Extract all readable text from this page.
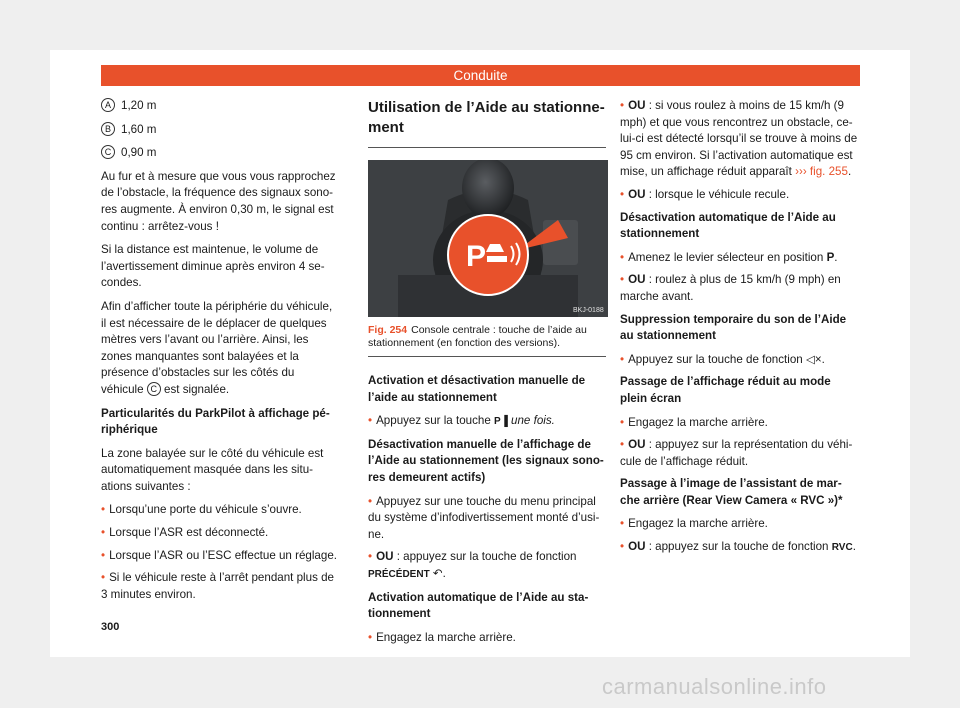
Conduite
A 1,20 m
B 1,60 m
C 0,90 m

Au fur et à mesure que vous vous rapprochez de l’obstacle, la fréquence des signaux sono-res augmente. À environ 0,30 m, le signal est continu : arrêtez-vous !

Si la distance est maintenue, le volume de l’avertissement diminue après environ 4 se-condes.

Afin d’afficher toute la périphérie du véhicule, il est nécessaire de le déplacer de quelques mètres vers l’avant ou l’arrière. Ainsi, les zones manquantes sont balayées et la présence d’obstacles sur les côtés du véhicule C est signalée.

Particularités du ParkPilot à affichage pé-riphérique

La zone balayée sur le côté du véhicule est automatiquement masquée dans les situ-ations suivantes :

• Lorsqu’une porte du véhicule s’ouvre.

• Lorsque l’ASR est déconnecté.

• Lorsque l’ASR ou l’ESC effectue un réglage.

• Si le véhicule reste à l’arrêt pendant plus de 3 minutes environ.

Utilisation de l’Aide au stationne-ment
P
BKJ-0188
Fig. 254 Console centrale : touche de l’aide au stationnement (en fonction des versions).

Activation et désactivation manuelle de l’aide au stationnement

• Appuyez sur la touche P▐ une fois.

Désactivation manuelle de l’affichage de l’Aide au stationnement (les signaux sono-res demeurent actifs)

• Appuyez sur une touche du menu principal du système d’infodivertissement monté d’usi-ne.

• OU : appuyez sur la touche de fonction PRÉCÉDENT ↶.

Activation automatique de l’Aide au sta-tionnement

• Engagez la marche arrière.

• OU : si vous roulez à moins de 15 km/h (9 mph) et que vous rencontrez un obstacle, ce-lui-ci est détecté lorsqu’il se trouve à moins de 95 cm environ. Si l’activation automatique est mise, un affichage réduit apparaît ››› fig. 255.

• OU : lorsque le véhicule recule.

Désactivation automatique de l’Aide au stationnement

• Amenez le levier sélecteur en position P.

• OU : roulez à plus de 15 km/h (9 mph) en marche avant.

Suppression temporaire du son de l’Aide au stationnement

• Appuyez sur la touche de fonction ◁×.

Passage de l’affichage réduit au mode plein écran

• Engagez la marche arrière.

• OU : appuyez sur la représentation du véhi-cule de l’affichage réduit.

Passage à l’image de l’assistant de mar-che arrière (Rear View Camera « RVC »)*

• Engagez la marche arrière.

• OU : appuyez sur la touche de fonction RVC.

300
carmanualsonline.info
